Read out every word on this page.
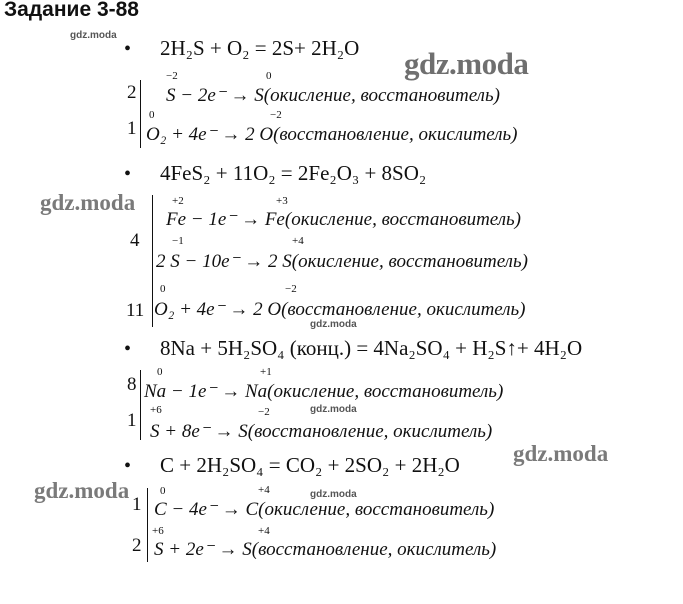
Задание 3-88
gdz.moda
gdz.moda
gdz.moda
gdz.moda
gdz.moda
gdz.moda
gdz.moda
gdz.moda
• 2H₂S + O₂ = 2S+ 2H₂O
2
−2	0
S − 2e⁻ → S(окисление, восстановитель)
1
0	−2
O₂ + 4e⁻ → 2 O(восстановление, окислитель)
• 4FeS₂ + 11O₂ = 2Fe₂O₃ + 8SO₂
4
+2	+3
Fe − 1e⁻ → Fe(окисление, восстановитель)
−1	+4
2 S − 10e⁻ → 2 S(окисление, восстановитель)
11
0	−2
O₂ + 4e⁻ → 2 O(восстановление, окислитель)
• 8Na + 5H₂SO₄ (конц.) = 4Na₂SO₄ + H₂S↑+ 4H₂O
8
0	+1
Na − 1e⁻ → Na(окисление, восстановитель)
1 +6	−2
S + 8e⁻ → S(восстановление, окислитель)
• C + 2H₂SO₄ = CO₂ + 2SO₂ + 2H₂O
1
0	+4
C − 4e⁻ → C(окисление, восстановитель)
2
+6	+4
S + 2e⁻ → S(восстановление, окислитель)
